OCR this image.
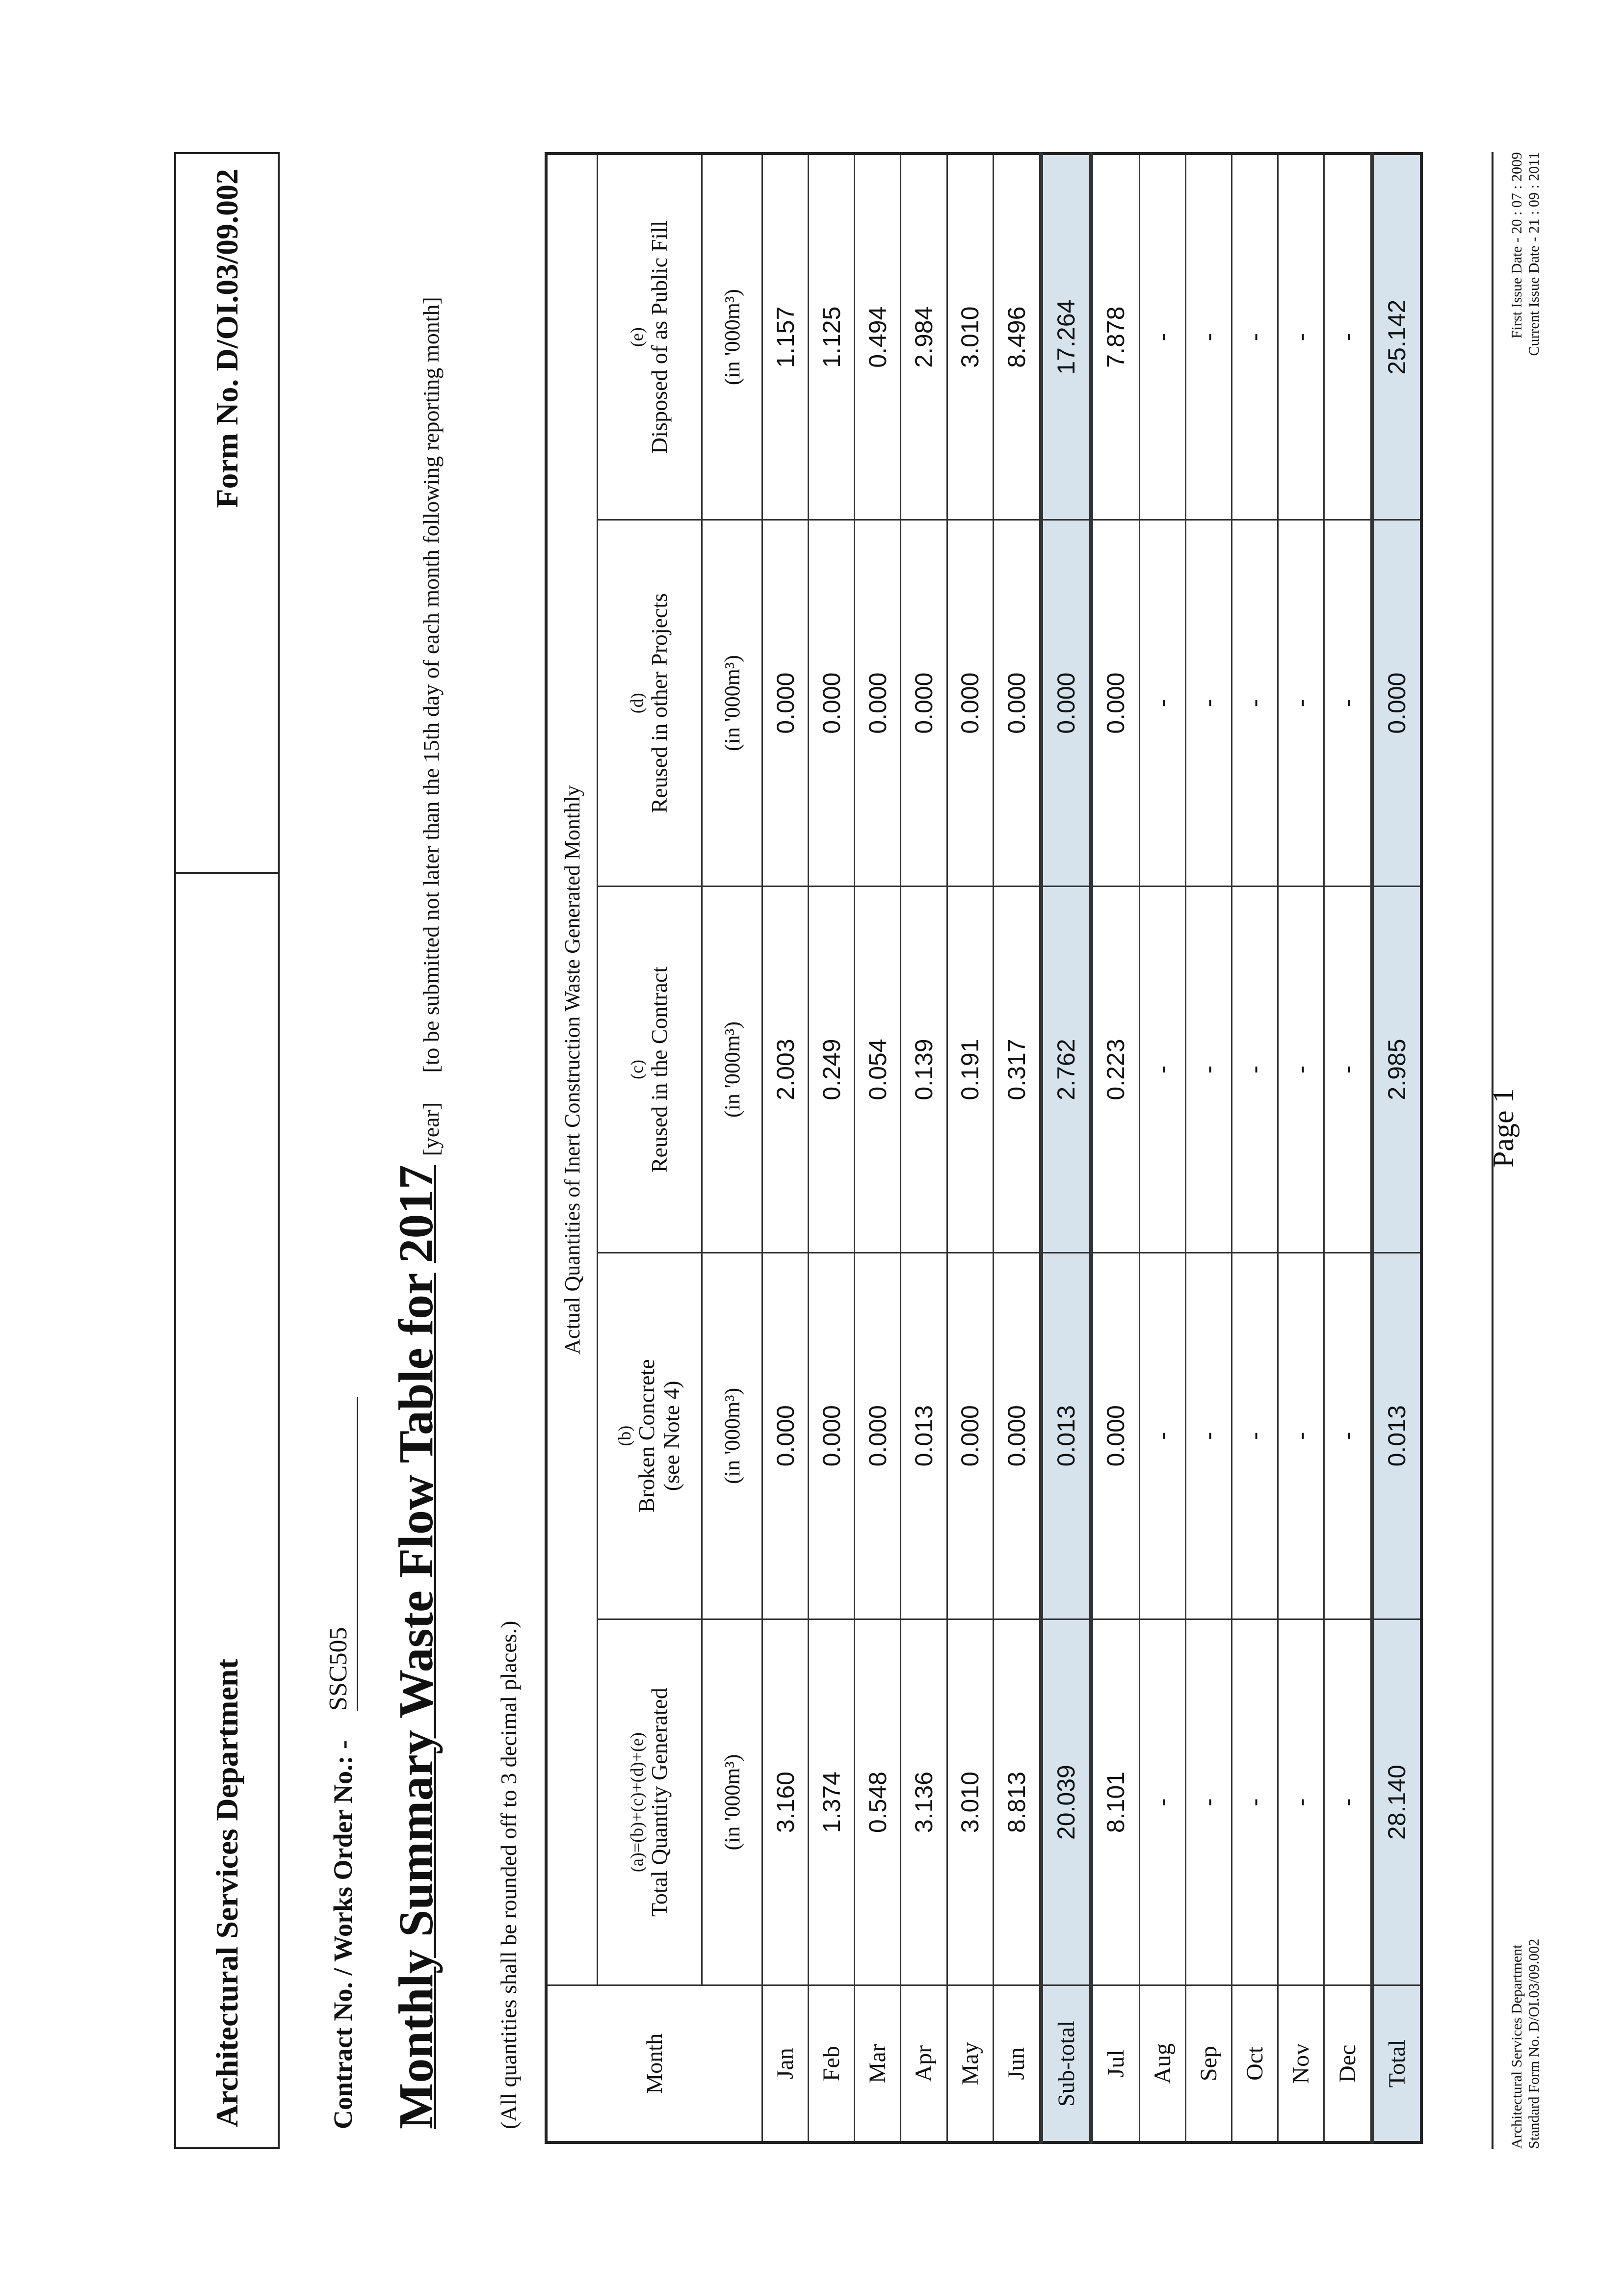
Architectural Services Department
Form No. D/OI.03/09.002
Contract No. / Works Order No.: -
SSC505 Monthly Summary Waste Flow Table for
2017
[year]
[to be submitted not later than the 15th day of each month following reporting month]
(All quantities shall be rounded off to 3 decimal places.)	Month	Actual Quantities of Inert Construction Waste Generated Monthly				

	(a)=(b)+(c)+(d)+(e) Total Quantity Generated	(b) Broken Concrete (see Note 4)	(c) Reused in the Contract	(d) Reused in other Projects	(e) Disposed of as Public Fill
	(in '000m³)	(in '000m³)	(in '000m³)	(in '000m³)	(in '000m³)
Jan	3.160	0.000	2.003	0.000	1.157
Feb	1.374	0.000	0.249	0.000	1.125
Mar	0.548	0.000	0.054	0.000	0.494
Apr	3.136	0.013	0.139	0.000	2.984
May	3.010	0.000	0.191	0.000	3.010
Jun	8.813	0.000	0.317	0.000	8.496
Sub-total	20.039	0.013	2.762	0.000	17.264
Jul	8.101	0.000	0.223	0.000	7.878
Aug	-	-	-	-	-
Sep	-	-	-	-	-
Oct	-	-	-	-	-
Nov	-	-	-	-	-
Dec	-	-	-	-	-
Total	28.140	0.013	2.985	0.000	25.142
Architectural Services Department Standard Form No. D/OI.03/09.002
Page 1
First Issue Date - 20 : 07 : 2009 Current Issue Date - 21 : 09 : 2011
